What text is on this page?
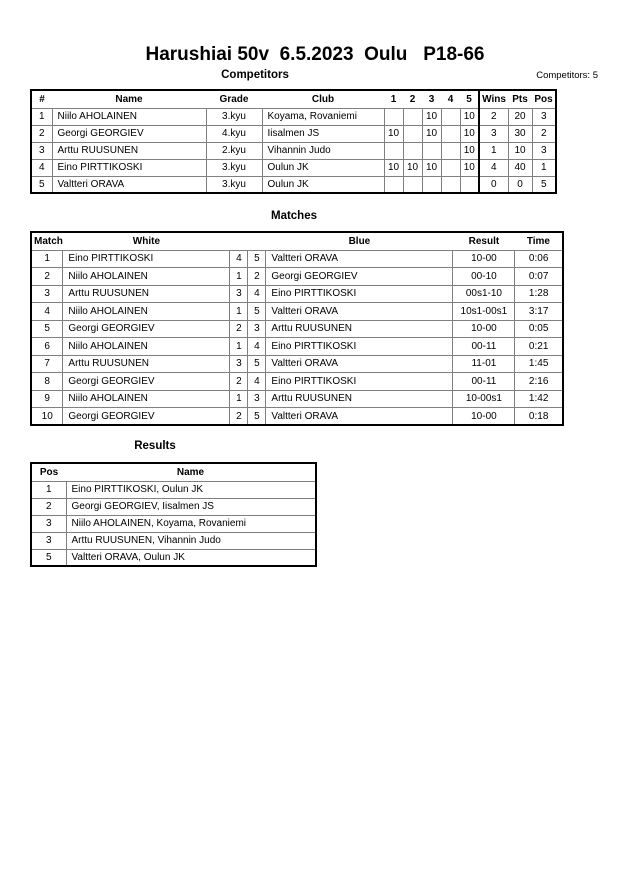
Harushiai 50v  6.5.2023  Oulu   P18-66
Competitors	Competitors: 5
#	Name	Grade	Club	1	2	3	4	5	Wins	Pts	Pos
1	Niilo AHOLAINEN	3.kyu	Koyama, Rovaniemi			10		10	2	20	3
2	Georgi GEORGIEV	4.kyu	Iisalmen JS	10		10		10	3	30	2
3	Arttu RUUSUNEN	2.kyu	Vihannin Judo					10	1	10	3
4	Eino PIRTTIKOSKI	3.kyu	Oulun JK	10	10	10		10	4	40	1
5	Valtteri ORAVA	3.kyu	Oulun JK						0	0	5
Matches
Match	White			Blue	Result	Time
1	Eino PIRTTIKOSKI	4	5	Valtteri ORAVA	10-00	0:06
2	Niilo AHOLAINEN	1	2	Georgi GEORGIEV	00-10	0:07
3	Arttu RUUSUNEN	3	4	Eino PIRTTIKOSKI	00s1-10	1:28
4	Niilo AHOLAINEN	1	5	Valtteri ORAVA	10s1-00s1	3:17
5	Georgi GEORGIEV	2	3	Arttu RUUSUNEN	10-00	0:05
6	Niilo AHOLAINEN	1	4	Eino PIRTTIKOSKI	00-11	0:21
7	Arttu RUUSUNEN	3	5	Valtteri ORAVA	11-01	1:45
8	Georgi GEORGIEV	2	4	Eino PIRTTIKOSKI	00-11	2:16
9	Niilo AHOLAINEN	1	3	Arttu RUUSUNEN	10-00s1	1:42
10	Georgi GEORGIEV	2	5	Valtteri ORAVA	10-00	0:18
Results
Pos	Name
1	Eino PIRTTIKOSKI, Oulun JK
2	Georgi GEORGIEV, Iisalmen JS
3	Niilo AHOLAINEN, Koyama, Rovaniemi
3	Arttu RUUSUNEN, Vihannin Judo
5	Valtteri ORAVA, Oulun JK
